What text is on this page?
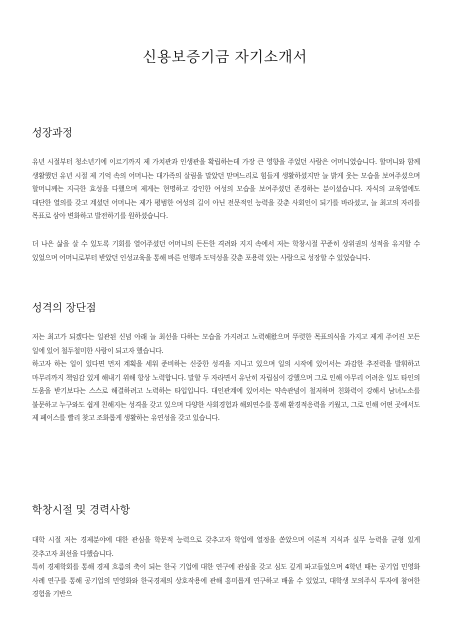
신용보증기금 자기소개서
성장과정

유년 시절부터 청소년기에 이르기까지 제 가치관과 인생관을 확립하는데 가장 큰 영향을 주었던 사람은 어머니였습니다. 할머니와 함께 생활했던 유년 시절 제 기억 속의 어머니는 대가족의 살림을 말았던 맏며느리로 힘들게 생활하셨지만 늘 밝게 웃는 모습을 보여주셨으며 할머니께는 지극한 효성을 다했으며 제게는 현명하고 강인한 여성의 모습을 보여주셨던 존경하는 분이셨습니다. 자식의 교육열에도 대단한 열의를 갖고 계셨던 어머니는 제가 평범한 여성의 길이 아닌 전문적인 능력을 갖춘 사회인이 되기를 바라셨고, 늘 최고의 자리를 목표로 삼아 변화하고 발전하기를 원하셨습니다.

더 나은 삶을 살 수 있도록 기회를 열어주셨던 어머니의 든든한 격려와 지지 속에서 저는 학창시절 꾸준히 상위권의 성적을 유지할 수 있었으며 어머니로부터 받았던 인성교육을 통해 바른 언행과 도덕성을 갖춘 포용력 있는 사람으로 성장할 수 있었습니다.

성격의 장단점

저는 최고가 되겠다는 일관된 신념 아래 늘 최선을 다하는 모습을 가지려고 노력해왔으며 뚜렷한 목표의식을 가지고 제게 주어진 모든 일에 있어 철두철미한 사람이 되고자 했습니다.

하고자 하는 일이 있다면 먼저 계획을 세워 준비하는 신중한 성격을 지니고 있으며 일의 시작에 있어서는 과감한 추진력을 발휘하고 마무리까지 책임감 있게 해내기 위해 항상 노력합니다. 말할 두 자라면서 유난히 자립심이 강했으며 그로 인해 아무리 어려운 일도 타인의 도움을 받기보다는 스스로 해결하려고 노력하는 타입입니다. 대인관계에 있어서는 약속관념이 철저하며 친화력이 강해서 남녀노소를 불문하고 누구와도 쉽게 친해지는 성격을 갖고 있으며 다양한 사회경험과 해외연수를 통해 환경적응력을 키웠고, 그로 인해 어떤 곳에서도 제 페이스를 빨리 찾고 조화롭게 생활하는 유연성을 갖고 있습니다.

학창시절 및 경력사항

대학 시절 저는 경제분야에 대한 관심을 학문적 능력으로 갖추고자 학업에 열정을 쏟았으며 이론적 지식과 실무 능력을 균형 있게 갖추고자 최선을 다했습니다.

특히 경제학회를 통해 경제 흐름의 축이 되는 한국 기업에 대한 연구에 관심을 갖고 심도 깊게 파고들었으며 4학년 때는 공기업 민영화 사례 연구를 통해 공기업의 민영화와 한국경제의 상호작용에 관해 흥미롭게 연구하고 배울 수 있었고, 대학생 모의주식 투자에 참여한 경험을 기반으
